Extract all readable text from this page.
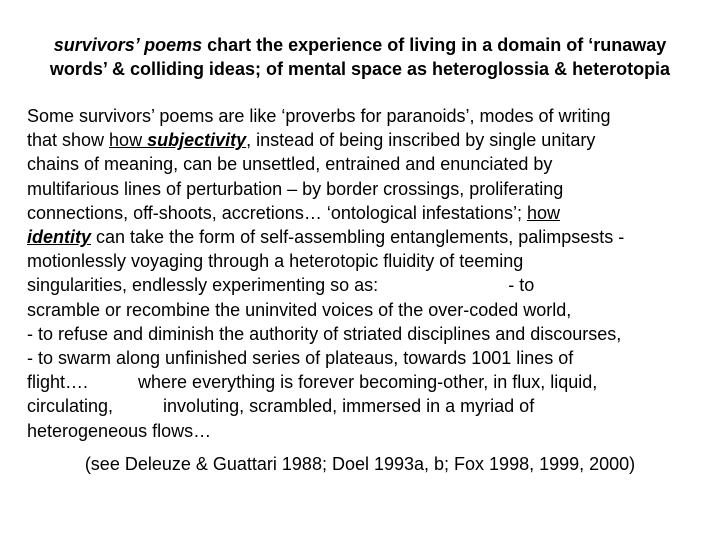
survivors’ poems chart the experience of living in a domain of ‘runaway
words’ & colliding ideas; of mental space as heteroglossia & heterotopia
Some survivors’ poems are like ‘proverbs for paranoids’, modes of writing
that show how subjectivity, instead of being inscribed by single unitary
chains of meaning, can be unsettled, entrained and enunciated by
multifarious lines of perturbation – by border crossings, proliferating
connections, off-shoots, accretions… ‘ontological infestations’; how
identity can take the form of self-assembling entanglements, palimpsests -
motionlessly voyaging through a heterotopic fluidity of teeming
singularities, endlessly experimenting so as:                          - to
scramble or recombine the uninvited voices of the over-coded world,
- to refuse and diminish the authority of striated disciplines and discourses,
- to swarm along unfinished series of plateaus, towards 1001 lines of
flight….          where everything is forever becoming-other, in flux, liquid,
circulating,          involuting, scrambled, immersed in a myriad of
heterogeneous flows…
(see Deleuze & Guattari 1988; Doel 1993a, b; Fox 1998, 1999, 2000)
